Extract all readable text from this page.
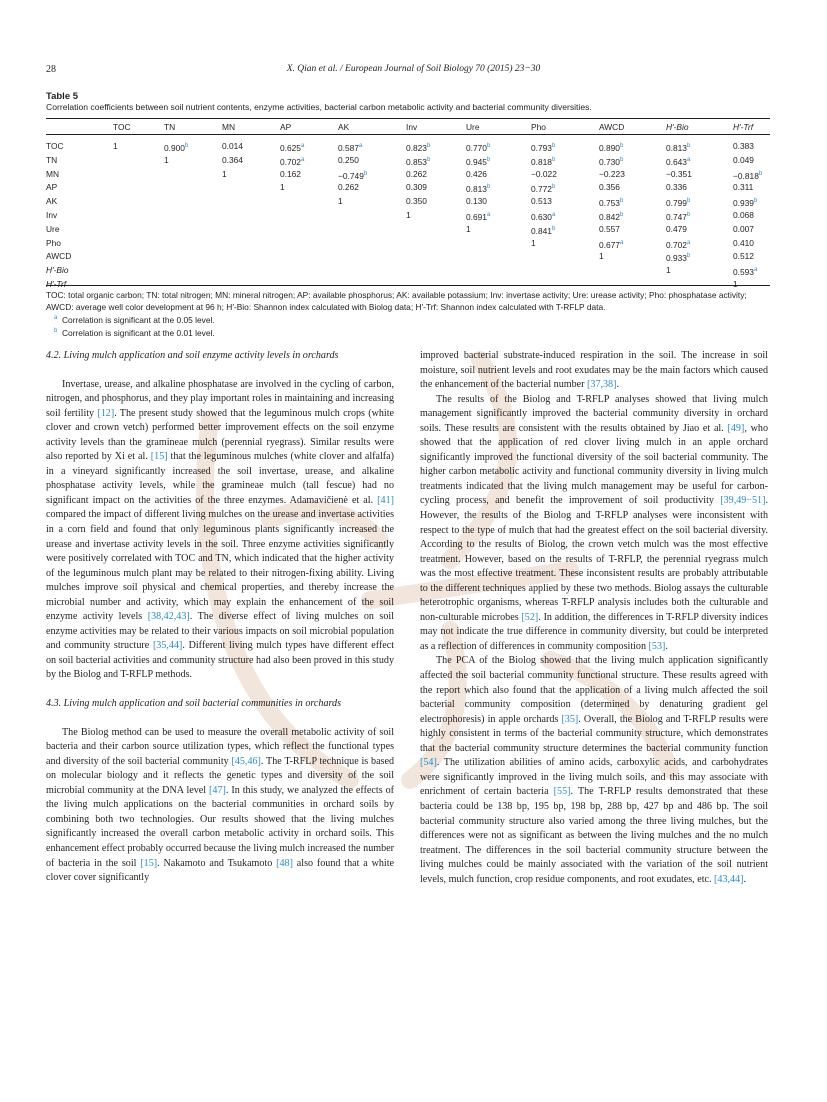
28	X. Qian et al. / European Journal of Soil Biology 70 (2015) 23−30
Table 5
Correlation coefficients between soil nutrient contents, enzyme activities, bacterial carbon metabolic activity and bacterial community diversities.
	TOC	TN	MN	AP	AK	Inv	Ure	Pho	AWCD	H′-Bio	H′-Trf
TOC	1	0.900$^b$	0.014	0.625$^a$	0.587$^a$	0.823$^b$	0.770$^b$	0.793$^b$	0.890$^b$	0.813$^b$	0.383
TN		1	0.364	0.702$^a$	0.250	0.853$^b$	0.945$^b$	0.818$^b$	0.730$^b$	0.643$^a$	0.049
MN			1	0.162	−0.749$^b$	0.262	0.426	−0.022	−0.223	−0.351	−0.818$^b$
AP				1	0.262	0.309	0.813$^b$	0.772$^b$	0.356	0.336	0.311
AK					1	0.350	0.130	0.513	0.753$^b$	0.799$^b$	0.939$^b$
Inv						1	0.691$^a$	0.630$^a$	0.842$^b$	0.747$^b$	0.068
Ure							1	0.841$^b$	0.557	0.479	0.007
Pho								1	0.677$^a$	0.702$^a$	0.410
AWCD									1	0.933$^b$	0.512
H′-Bio										1	0.593$^a$
H′-Trf											1

TOC: total organic carbon; TN: total nitrogen; MN: mineral nitrogen; AP: available phosphorus; AK: available potassium; Inv: invertase activity; Ure: urease activity; Pho: phosphatase activity; AWCD: average well color development at 96 h; H′-Bio: Shannon index calculated with Biolog data; H′-Trf: Shannon index calculated with T-RFLP data.

$^a$ Correlation is significant at the 0.05 level.

$^b$ Correlation is significant at the 0.01 level.

4.2. Living mulch application and soil enzyme activity levels in orchards

Invertase, urease, and alkaline phosphatase are involved in the cycling of carbon, nitrogen, and phosphorus, and they play important roles in maintaining and increasing soil fertility [12]. The present study showed that the leguminous mulch crops (white clover and crown vetch) performed better improvement effects on the soil enzyme activity levels than the gramineae mulch (perennial ryegrass). Similar results were also reported by Xi et al. [15] that the leguminous mulches (white clover and alfalfa) in a vineyard significantly increased the soil invertase, urease, and alkaline phosphatase activity levels, while the gramineae mulch (tall fescue) had no significant impact on the activities of the three enzymes. Adamavičienė et al. [41] compared the impact of different living mulches on the urease and invertase activities in a corn field and found that only leguminous plants significantly increased the urease and invertase activity levels in the soil. Three enzyme activities significantly were positively correlated with TOC and TN, which indicated that the higher activity of the leguminous mulch plant may be related to their nitrogen-fixing ability. Living mulches improve soil physical and chemical properties, and thereby increase the microbial number and activity, which may explain the enhancement of the soil enzyme activity levels [38,42,43]. The diverse effect of living mulches on soil enzyme activities may be related to their various impacts on soil microbial population and community structure [35,44]. Different living mulch types have different effect on soil bacterial activities and community structure had also been proved in this study by the Biolog and T-RFLP methods.

4.3. Living mulch application and soil bacterial communities in orchards

The Biolog method can be used to measure the overall metabolic activity of soil bacteria and their carbon source utilization types, which reflect the functional types and diversity of the soil bacterial community [45,46]. The T-RFLP technique is based on molecular biology and it reflects the genetic types and diversity of the soil microbial community at the DNA level [47]. In this study, we analyzed the effects of the living mulch applications on the bacterial communities in orchard soils by combining both two technologies. Our results showed that the living mulches significantly increased the overall carbon metabolic activity in orchard soils. This enhancement effect probably occurred because the living mulch increased the number of bacteria in the soil [15]. Nakamoto and Tsukamoto [48] also found that a white clover cover significantly

improved bacterial substrate-induced respiration in the soil. The increase in soil moisture, soil nutrient levels and root exudates may be the main factors which caused the enhancement of the bacterial number [37,38].

The results of the Biolog and T-RFLP analyses showed that living mulch management significantly improved the bacterial community diversity in orchard soils. These results are consistent with the results obtained by Jiao et al. [49], who showed that the application of red clover living mulch in an apple orchard significantly improved the functional diversity of the soil bacterial community. The higher carbon metabolic activity and functional community diversity in living mulch treatments indicated that the living mulch management may be useful for carbon-cycling process, and benefit the improvement of soil productivity [39,49−51]. However, the results of the Biolog and T-RFLP analyses were inconsistent with respect to the type of mulch that had the greatest effect on the soil bacterial diversity. According to the results of Biolog, the crown vetch mulch was the most effective treatment. However, based on the results of T-RFLP, the perennial ryegrass mulch was the most effective treatment. These inconsistent results are probably attributable to the different techniques applied by these two methods. Biolog assays the culturable heterotrophic organisms, whereas T-RFLP analysis includes both the culturable and non-culturable microbes [52]. In addition, the differences in T-RFLP diversity indices may not indicate the true difference in community diversity, but could be interpreted as a reflection of differences in community composition [53].

The PCA of the Biolog showed that the living mulch application significantly affected the soil bacterial community functional structure. These results agreed with the report which also found that the application of a living mulch affected the soil bacterial community composition (determined by denaturing gradient gel electrophoresis) in apple orchards [35]. Overall, the Biolog and T-RFLP results were highly consistent in terms of the bacterial community structure, which demonstrates that the bacterial community structure determines the bacterial community function [54]. The utilization abilities of amino acids, carboxylic acids, and carbohydrates were significantly improved in the living mulch soils, and this may associate with enrichment of certain bacteria [55]. The T-RFLP results demonstrated that these bacteria could be 138 bp, 195 bp, 198 bp, 288 bp, 427 bp and 486 bp. The soil bacterial community structure also varied among the three living mulches, but the differences were not as significant as between the living mulches and the no mulch treatment. The differences in the soil bacterial community structure between the living mulches could be mainly associated with the variation of the soil nutrient levels, mulch function, crop residue components, and root exudates, etc. [43,44].
